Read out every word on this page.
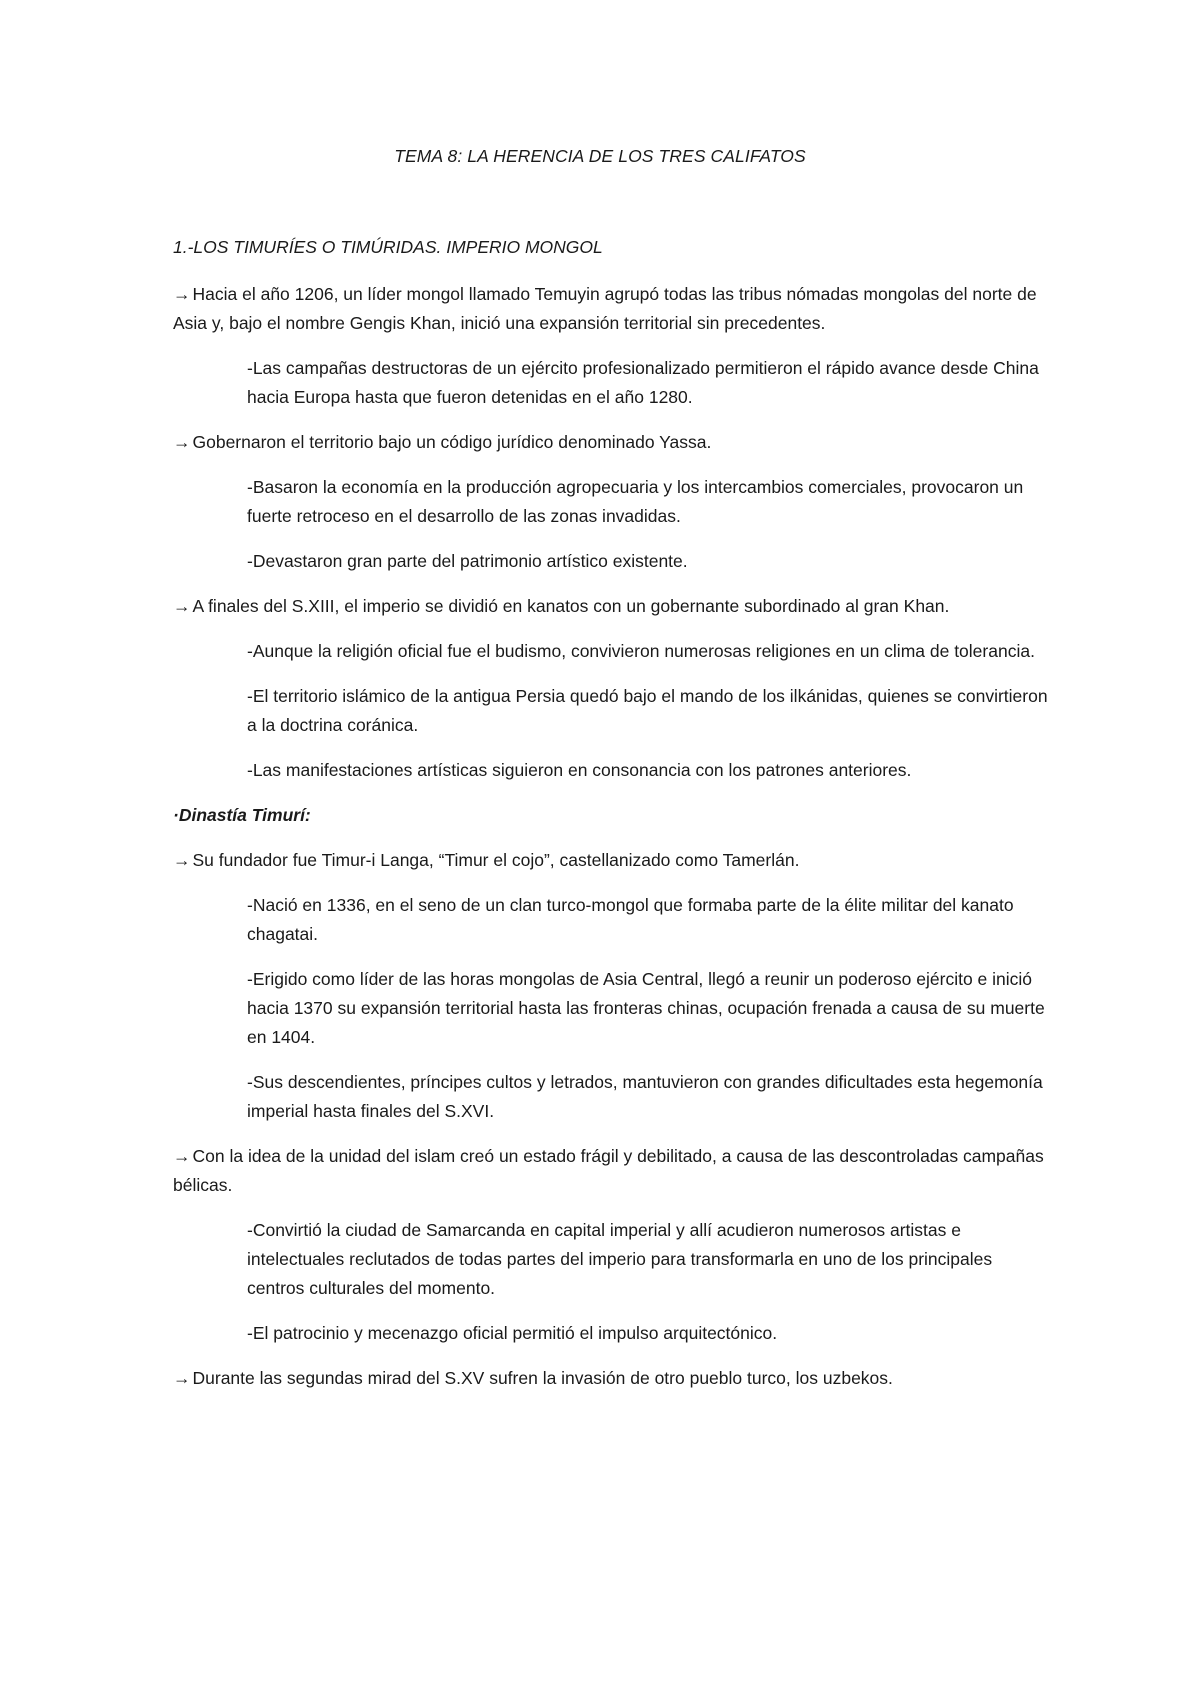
TEMA 8: LA HERENCIA DE LOS TRES CALIFATOS
1.-LOS TIMURÍES O TIMÚRIDAS. IMPERIO MONGOL

→ Hacia el año 1206, un líder mongol llamado Temuyin agrupó todas las tribus nómadas mongolas del norte de Asia y, bajo el nombre Gengis Khan, inició una expansión territorial sin precedentes.

-Las campañas destructoras de un ejército profesionalizado permitieron el rápido avance desde China hacia Europa hasta que fueron detenidas en el año 1280.

→ Gobernaron el territorio bajo un código jurídico denominado Yassa.

-Basaron la economía en la producción agropecuaria y los intercambios comerciales, provocaron un fuerte retroceso en el desarrollo de las zonas invadidas.

-Devastaron gran parte del patrimonio artístico existente.

→ A finales del S.XIII, el imperio se dividió en kanatos con un gobernante subordinado al gran Khan.

-Aunque la religión oficial fue el budismo, convivieron numerosas religiones en un clima de tolerancia.

-El territorio islámico de la antigua Persia quedó bajo el mando de los ilkánidas, quienes se convirtieron a la doctrina coránica.

-Las manifestaciones artísticas siguieron en consonancia con los patrones anteriores.

·Dinastía Timurí:

→ Su fundador fue Timur-i Langa, “Timur el cojo”, castellanizado como Tamerlán.

-Nació en 1336, en el seno de un clan turco-mongol que formaba parte de la élite militar del kanato chagatai.

-Erigido como líder de las horas mongolas de Asia Central, llegó a reunir un poderoso ejército e inició hacia 1370 su expansión territorial hasta las fronteras chinas, ocupación frenada a causa de su muerte en 1404.

-Sus descendientes, príncipes cultos y letrados, mantuvieron con grandes dificultades esta hegemonía imperial hasta finales del S.XVI.

→ Con la idea de la unidad del islam creó un estado frágil y debilitado, a causa de las descontroladas campañas bélicas.

-Convirtió la ciudad de Samarcanda en capital imperial y allí acudieron numerosos artistas e intelectuales reclutados de todas partes del imperio para transformarla en uno de los principales centros culturales del momento.

-El patrocinio y mecenazgo oficial permitió el impulso arquitectónico.

→ Durante las segundas mirad del S.XV sufren la invasión de otro pueblo turco, los uzbekos.
